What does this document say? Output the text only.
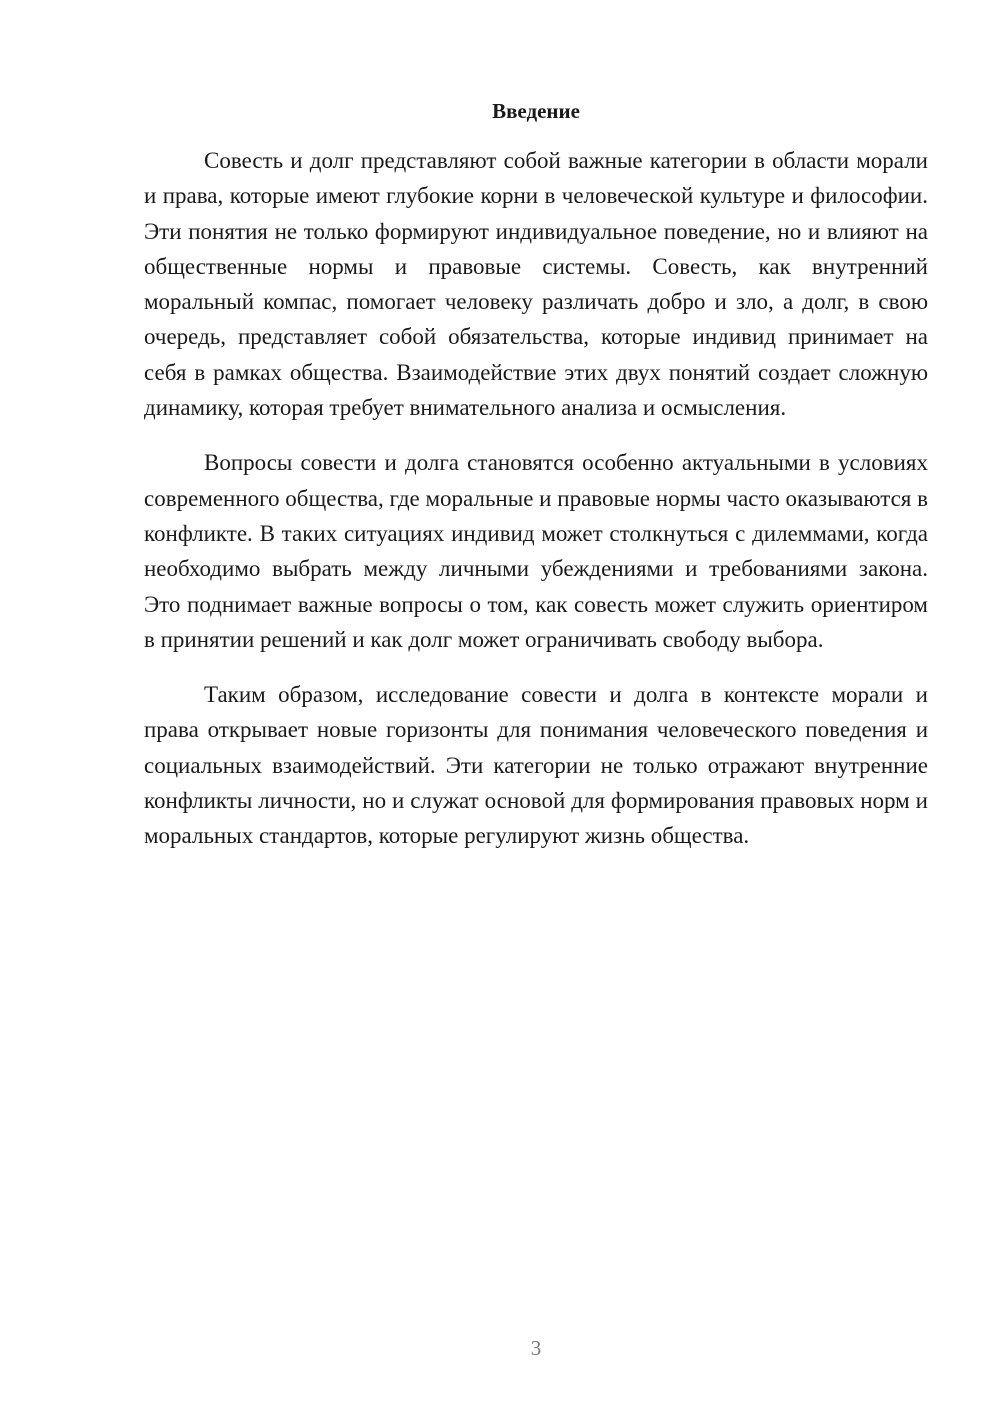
Введение

Совесть и долг представляют собой важные категории в области морали и права, которые имеют глубокие корни в человеческой культуре и философии. Эти понятия не только формируют индивидуальное поведение, но и влияют на общественные нормы и правовые системы. Совесть, как внутренний моральный компас, помогает человеку различать добро и зло, а долг, в свою очередь, представляет собой обязательства, которые индивид принимает на себя в рамках общества. Взаимодействие этих двух понятий создает сложную динамику, которая требует внимательного анализа и осмысления.

Вопросы совести и долга становятся особенно актуальными в условиях современного общества, где моральные и правовые нормы часто оказываются в конфликте. В таких ситуациях индивид может столкнуться с дилеммами, когда необходимо выбрать между личными убеждениями и требованиями закона. Это поднимает важные вопросы о том, как совесть может служить ориентиром в принятии решений и как долг может ограничивать свободу выбора.

Таким образом, исследование совести и долга в контексте морали и права открывает новые горизонты для понимания человеческого поведения и социальных взаимодействий. Эти категории не только отражают внутренние конфликты личности, но и служат основой для формирования правовых норм и моральных стандартов, которые регулируют жизнь общества.

3
